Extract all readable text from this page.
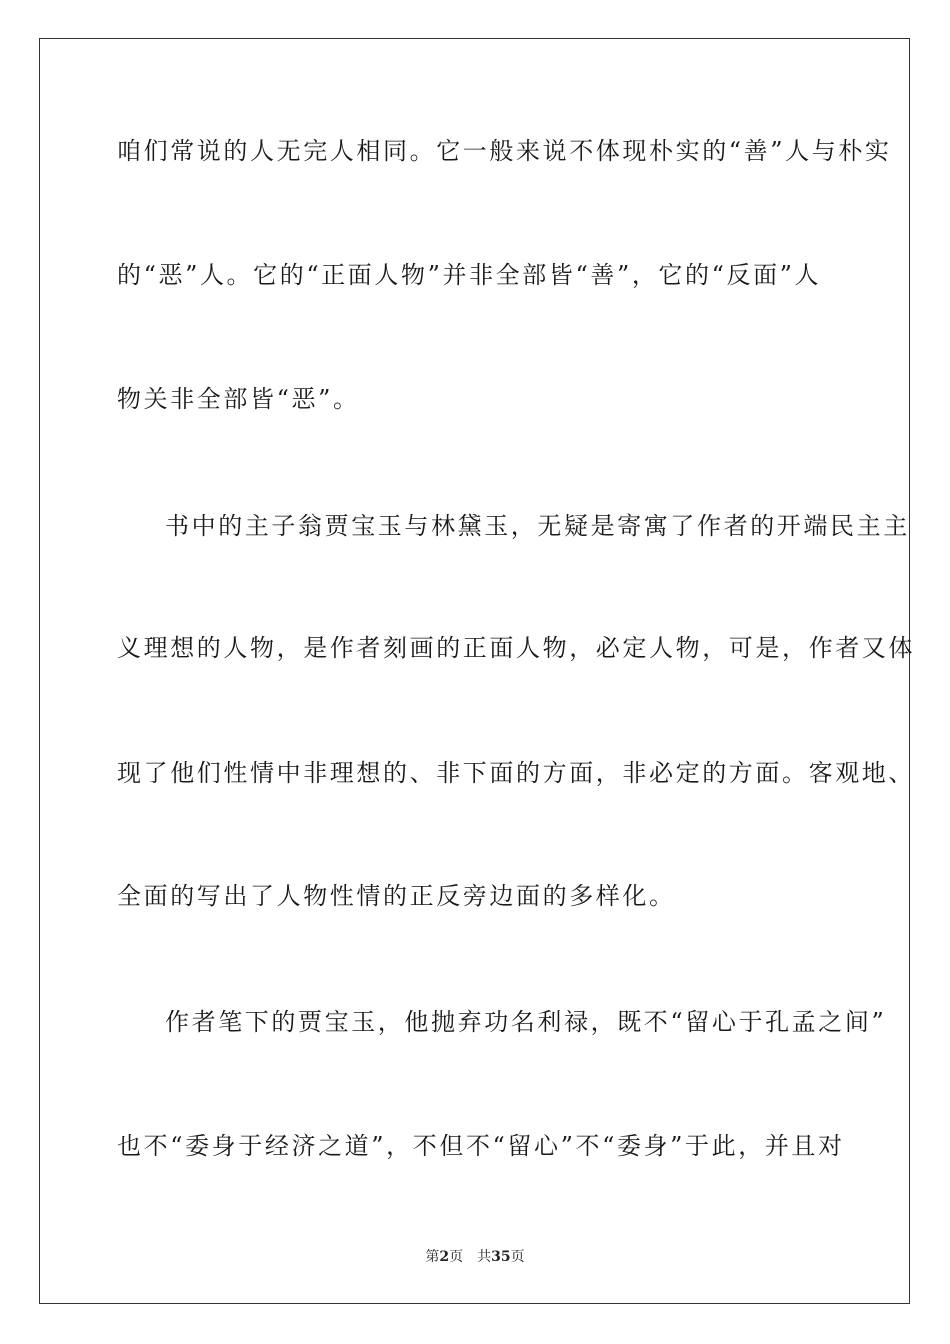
咱们常说的人无完人相同。它一般来说不体现朴实的“善”人与朴实
的“恶”人。它的“正面人物”并非全部皆“善”，它的“反面”人
物关非全部皆“恶”。
书中的主子翁贾宝玉与林黛玉，无疑是寄寓了作者的开端民主主
义理想的人物，是作者刻画的正面人物，必定人物，可是，作者又体
现了他们性情中非理想的、非下面的方面，非必定的方面。客观地、
全面的写出了人物性情的正反旁边面的多样化。
作者笔下的贾宝玉，他抛弃功名利禄，既不“留心于孔孟之间”
也不“委身于经济之道”，不但不“留心”不“委身”于此，并且对
第2页 共35页
